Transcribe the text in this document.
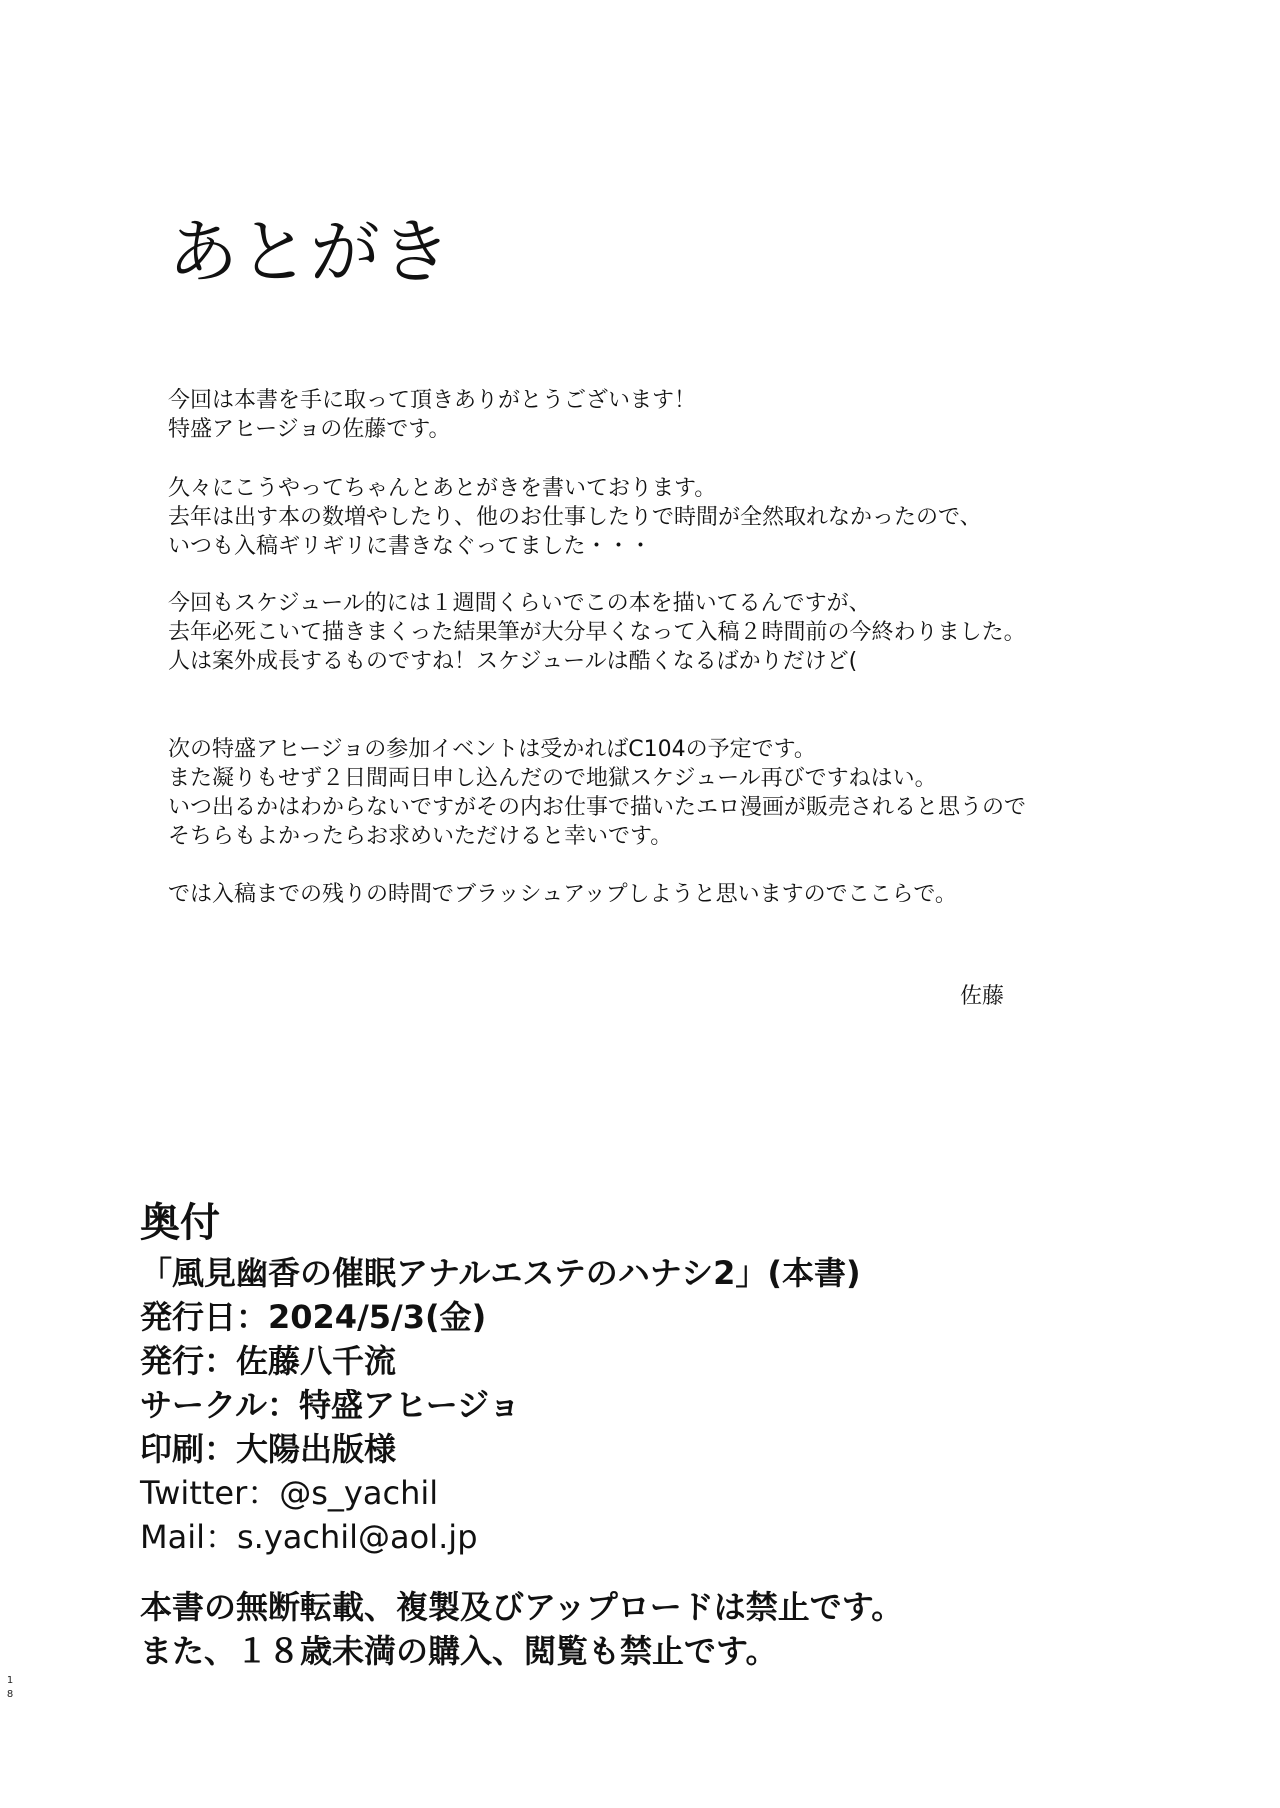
あとがき
今回は本書を手に取って頂きありがとうございます！
特盛アヒージョの佐藤です。
久々にこうやってちゃんとあとがきを書いております。
去年は出す本の数増やしたり、他のお仕事したりで時間が全然取れなかったので、
いつも入稿ギリギリに書きなぐってました・・・
今回もスケジュール的には１週間くらいでこの本を描いてるんですが、
去年必死こいて描きまくった結果筆が大分早くなって入稿２時間前の今終わりました。
人は案外成長するものですね！スケジュールは酷くなるばかりだけど(
次の特盛アヒージョの参加イベントは受かればC104の予定です。
また凝りもせず２日間両日申し込んだので地獄スケジュール再びですねはい。
いつ出るかはわからないですがその内お仕事で描いたエロ漫画が販売されると思うので
そちらもよかったらお求めいただけると幸いです。
では入稿までの残りの時間でブラッシュアップしようと思いますのでここらで。
佐藤
奥付
「風見幽香の催眠アナルエステのハナシ2」(本書)
発行日：2024/5/3(金)
発行：佐藤八千流
サークル：特盛アヒージョ
印刷：大陽出版様
Twitter：@s_yachil
Mail：s.yachil@aol.jp
本書の無断転載、複製及びアップロードは禁止です。
また、１８歳未満の購入、閲覧も禁止です。
1
8
